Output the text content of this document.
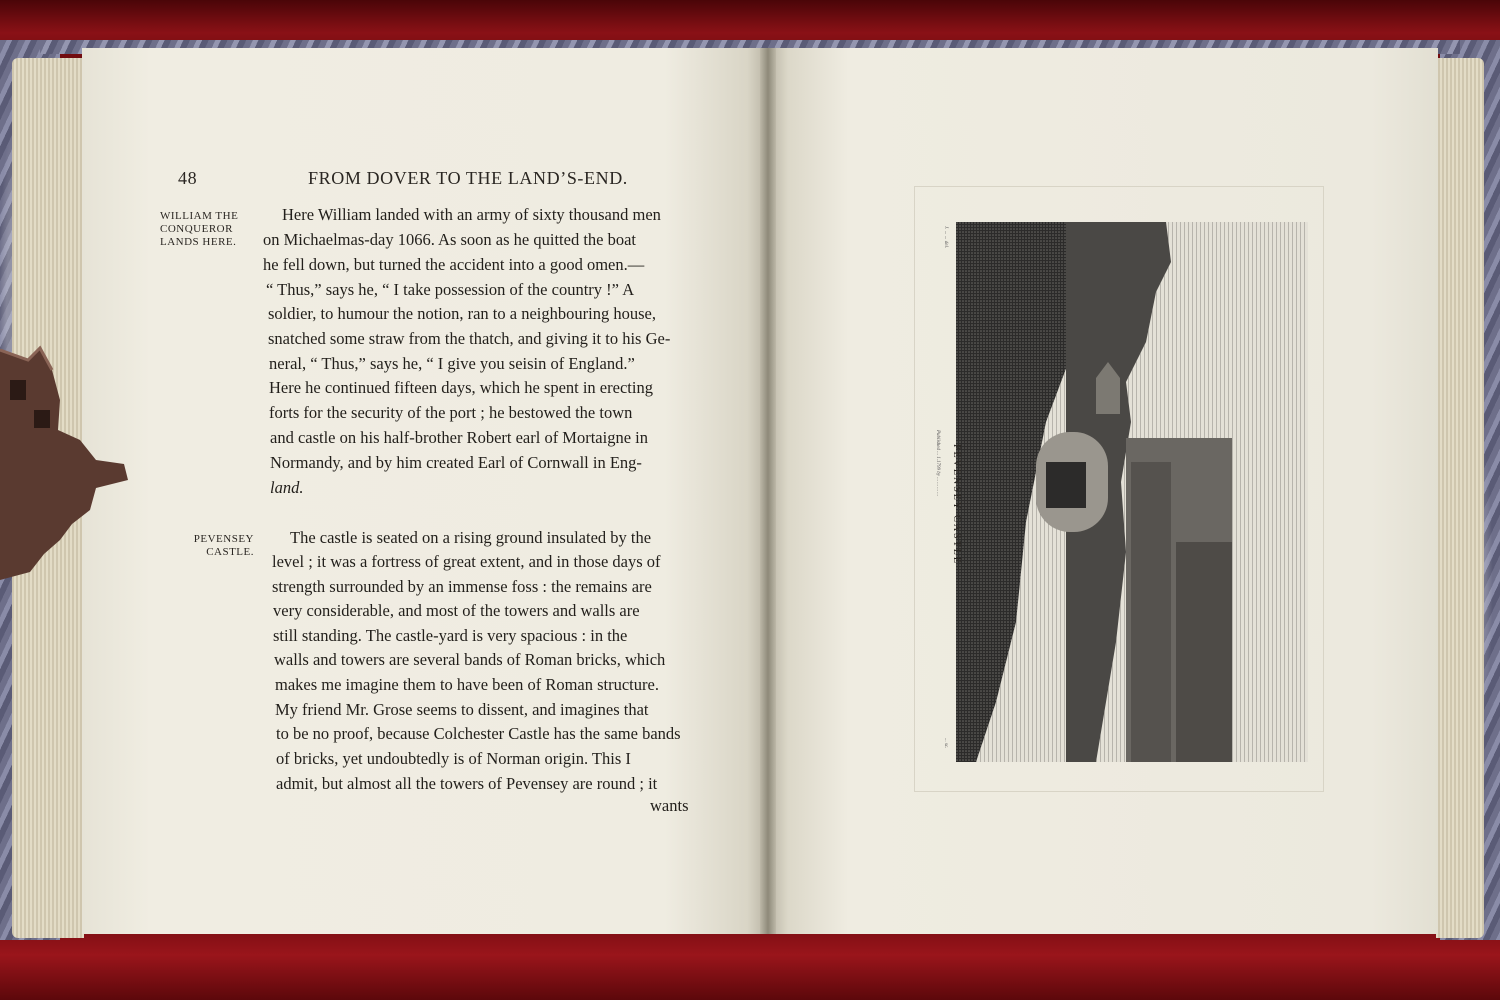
48	FROM DOVER TO THE LAND’S-END.
WILLIAM THE
CONQUEROR
LANDS HERE.
PEVENSEY
CASTLE.
Here William landed with an army of sixty thousand men
on Michaelmas-day 1066. As soon as he quitted the boat
he fell down, but turned the accident into a good omen.—
“ Thus,” says he, “ I take possession of the country !” A
soldier, to humour the notion, ran to a neighbouring house,
snatched some straw from the thatch, and giving it to his Ge-
neral, “ Thus,” says he, “ I give you seisin of England.”
Here he continued fifteen days, which he spent in erecting
forts for the security of the port ; he bestowed the town
and castle on his half-brother Robert earl of Mortaigne in
Normandy, and by him created Earl of Cornwall in Eng-
land.
The castle is seated on a rising ground insulated by the
level ; it was a fortress of great extent, and in those days of
strength surrounded by an immense foss : the remains are
very considerable, and most of the towers and walls are
still standing. The castle-yard is very spacious : in the
walls and towers are several bands of Roman bricks, which
makes me imagine them to have been of Roman structure.
My friend Mr. Grose seems to dissent, and imagines that
to be no proof, because Colchester Castle has the same bands
of bricks, yet undoubtedly is of Norman origin. This I
admit, but almost all the towers of Pevensey are round ; it
wants
PEVENSEY CASTLE
Published ... 1.1799 by ... ... ... ...
J. ... ... del.
... sc.
